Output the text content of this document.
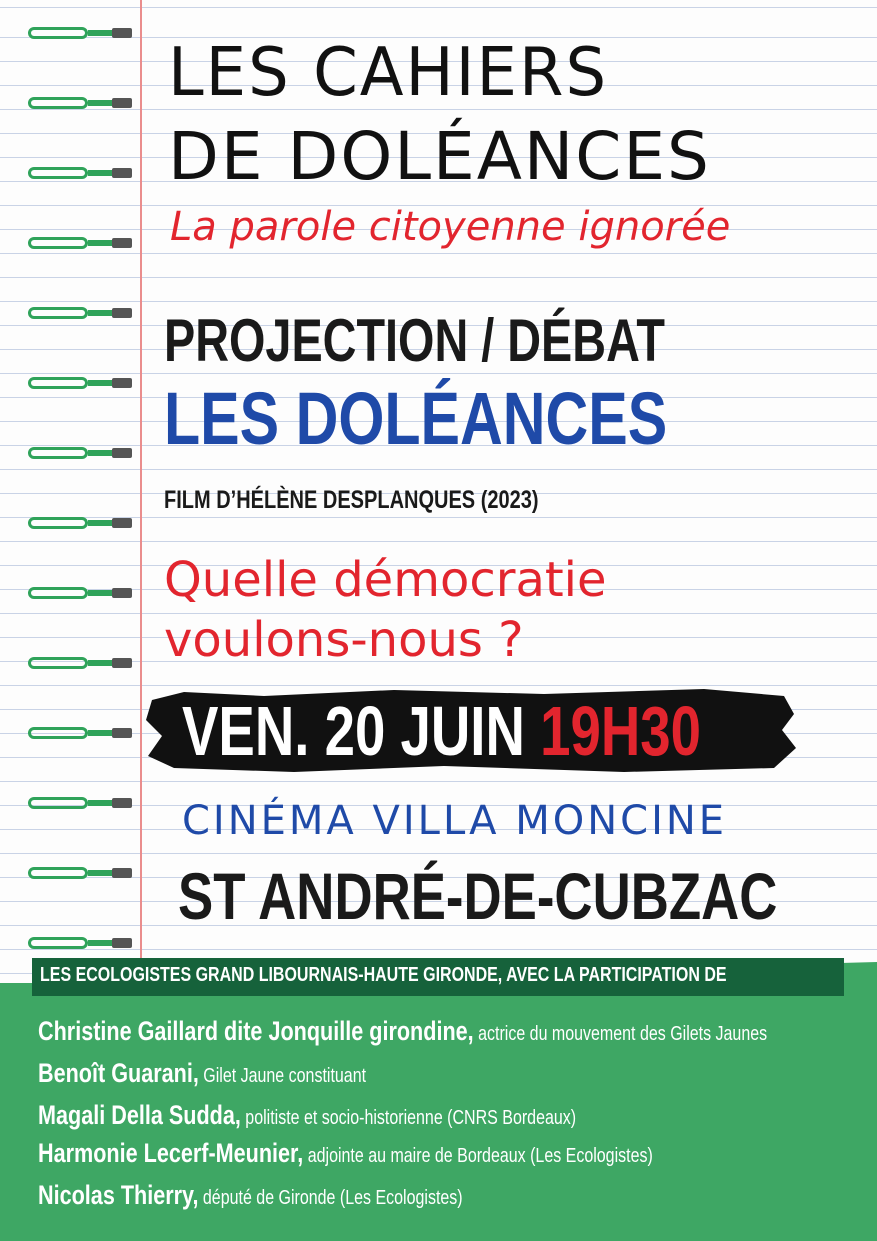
LES CAHIERS
DE DOLÉANCES
La parole citoyenne ignorée
PROJECTION / DÉBAT
LES DOLÉANCES
FILM D’HÉLÈNE DESPLANQUES (2023)
Quelle démocratie
voulons-nous ?
VEN. 20 JUIN 19H30
CINÉMA VILLA MONCINE
ST ANDRÉ-DE-CUBZAC
LES ECOLOGISTES GRAND LIBOURNAIS-HAUTE GIRONDE, AVEC LA PARTICIPATION DE
Christine Gaillard dite Jonquille girondine, actrice du mouvement des Gilets Jaunes
Benoît Guarani, Gilet Jaune constituant
Magali Della Sudda, politiste et socio-historienne (CNRS Bordeaux)
Harmonie Lecerf-Meunier, adjointe au maire de Bordeaux (Les Ecologistes)
Nicolas Thierry, député de Gironde (Les Ecologistes)
